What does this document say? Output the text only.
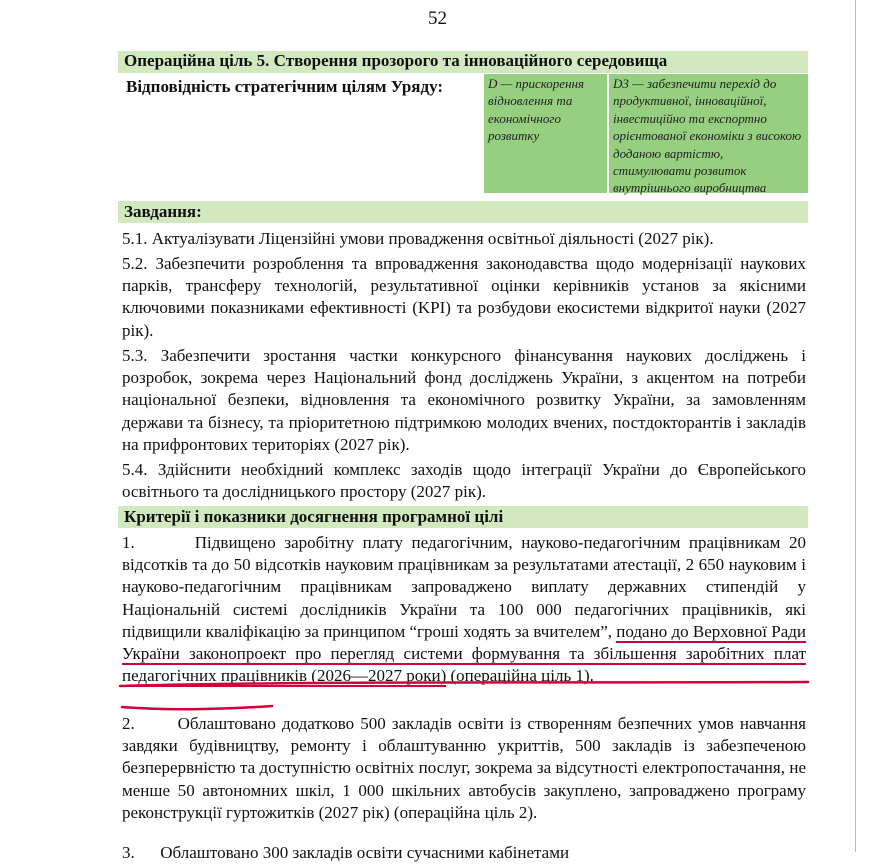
52
Операційна ціль 5. Створення прозорого та інноваційного середовища
Відповідність стратегічним цілям Уряду:	D — прискорення відновлення та економічного розвитку
D3 — забезпечити перехід до продуктивної, інноваційної, інвестиційно та експортно орієнтованої економіки з високою доданою вартістю, стимулювати розвиток внутрішнього виробництва
Завдання:

5.1. Актуалізувати Ліцензійні умови провадження освітньої діяльності (2027 рік).

5.2. Забезпечити розроблення та впровадження законодавства щодо модернізації наукових парків, трансферу технологій, результативної оцінки керівників установ за якісними ключовими показниками ефективності (KPI) та розбудови екосистеми відкритої науки (2027 рік).

5.3. Забезпечити зростання частки конкурсного фінансування наукових досліджень і розробок, зокрема через Національний фонд досліджень України, з акцентом на потреби національної безпеки, відновлення та економічного розвитку України, за замовленням держави та бізнесу, та пріоритетною підтримкою молодих вчених, постдокторантів і закладів на прифронтових територіях (2027 рік).

5.4. Здійснити необхідний комплекс заходів щодо інтеграції України до Європейського освітнього та дослідницького простору (2027 рік).

Критерії і показники досягнення програмної цілі

1.       Підвищено заробітну плату педагогічним, науково-педагогічним працівникам 20 відсотків та до 50 відсотків науковим працівникам за результатами атестації, 2 650 науковим і науково-педагогічним працівникам запроваджено виплату державних стипендій у Національній системі дослідників України та 100 000 педагогічних працівників, які підвищили кваліфікацію за принципом “гроші ходять за вчителем”, подано до Верховної Ради України законопроект про перегляд системи формування та збільшення заробітних плат педагогічних працівників (2026—2027 роки) (операційна ціль 1).

2.       Облаштовано додатково 500 закладів освіти із створенням безпечних умов навчання завдяки будівництву, ремонту і облаштуванню укриттів, 500 закладів із забезпеченою безперервністю та доступністю освітніх послуг, зокрема за відсутності електропостачання, не менше 50 автономних шкіл, 1 000 шкільних автобусів закуплено, запроваджено програму реконструкції гуртожитків (2027 рік) (операційна ціль 2).

3.      Облаштовано 300 закладів освіти сучасними кабінетами
